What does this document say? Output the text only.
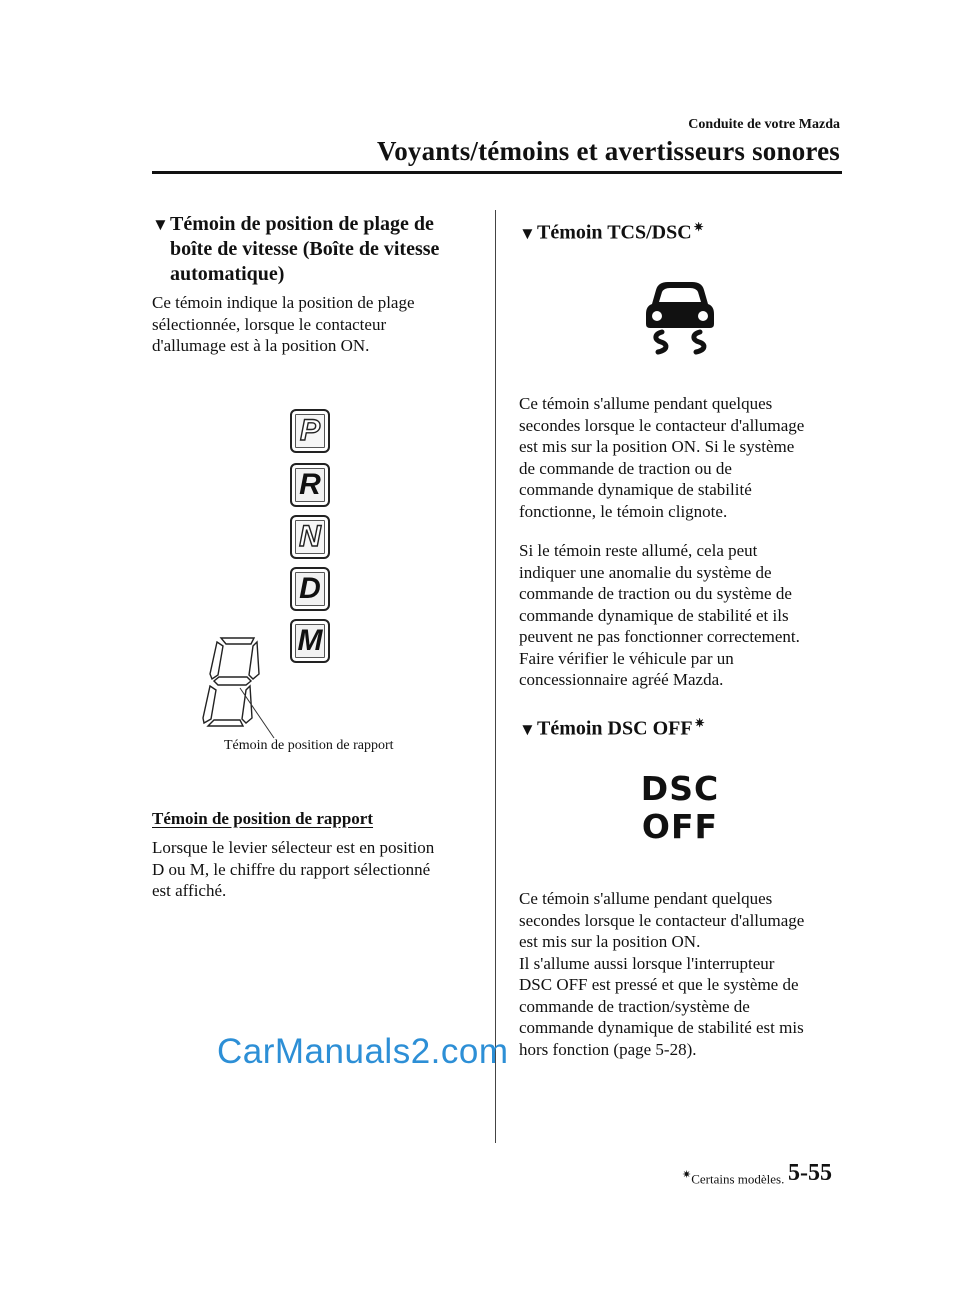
Conduite de votre Mazda
Voyants/témoins et avertisseurs sonores
▼Témoin de position de plage de
boîte de vitesse (Boîte de vitesse
automatique)
Ce témoin indique la position de plage
sélectionnée, lorsque le contacteur
d'allumage est à la position ON.
P
R
N
D
M
Témoin de position de rapport
Témoin de position de rapport
Lorsque le levier sélecteur est en position
D ou M, le chiffre du rapport sélectionné
est affiché.
CarManuals2.com
▼Témoin TCS/DSC ✷
Ce témoin s'allume pendant quelques
secondes lorsque le contacteur d'allumage
est mis sur la position ON. Si le système
de commande de traction ou de
commande dynamique de stabilité
fonctionne, le témoin clignote.
Si le témoin reste allumé, cela peut
indiquer une anomalie du système de
commande de traction ou du système de
commande dynamique de stabilité et ils
peuvent ne pas fonctionner correctement.
Faire vérifier le véhicule par un
concessionnaire agréé Mazda.
▼Témoin DSC OFF ✷
DSC
OFF
Ce témoin s'allume pendant quelques
secondes lorsque le contacteur d'allumage
est mis sur la position ON.
Il s'allume aussi lorsque l'interrupteur
DSC OFF est pressé et que le système de
commande de traction/système de
commande dynamique de stabilité est mis
hors fonction (page 5-28).
✷Certains modèles. 5-55
